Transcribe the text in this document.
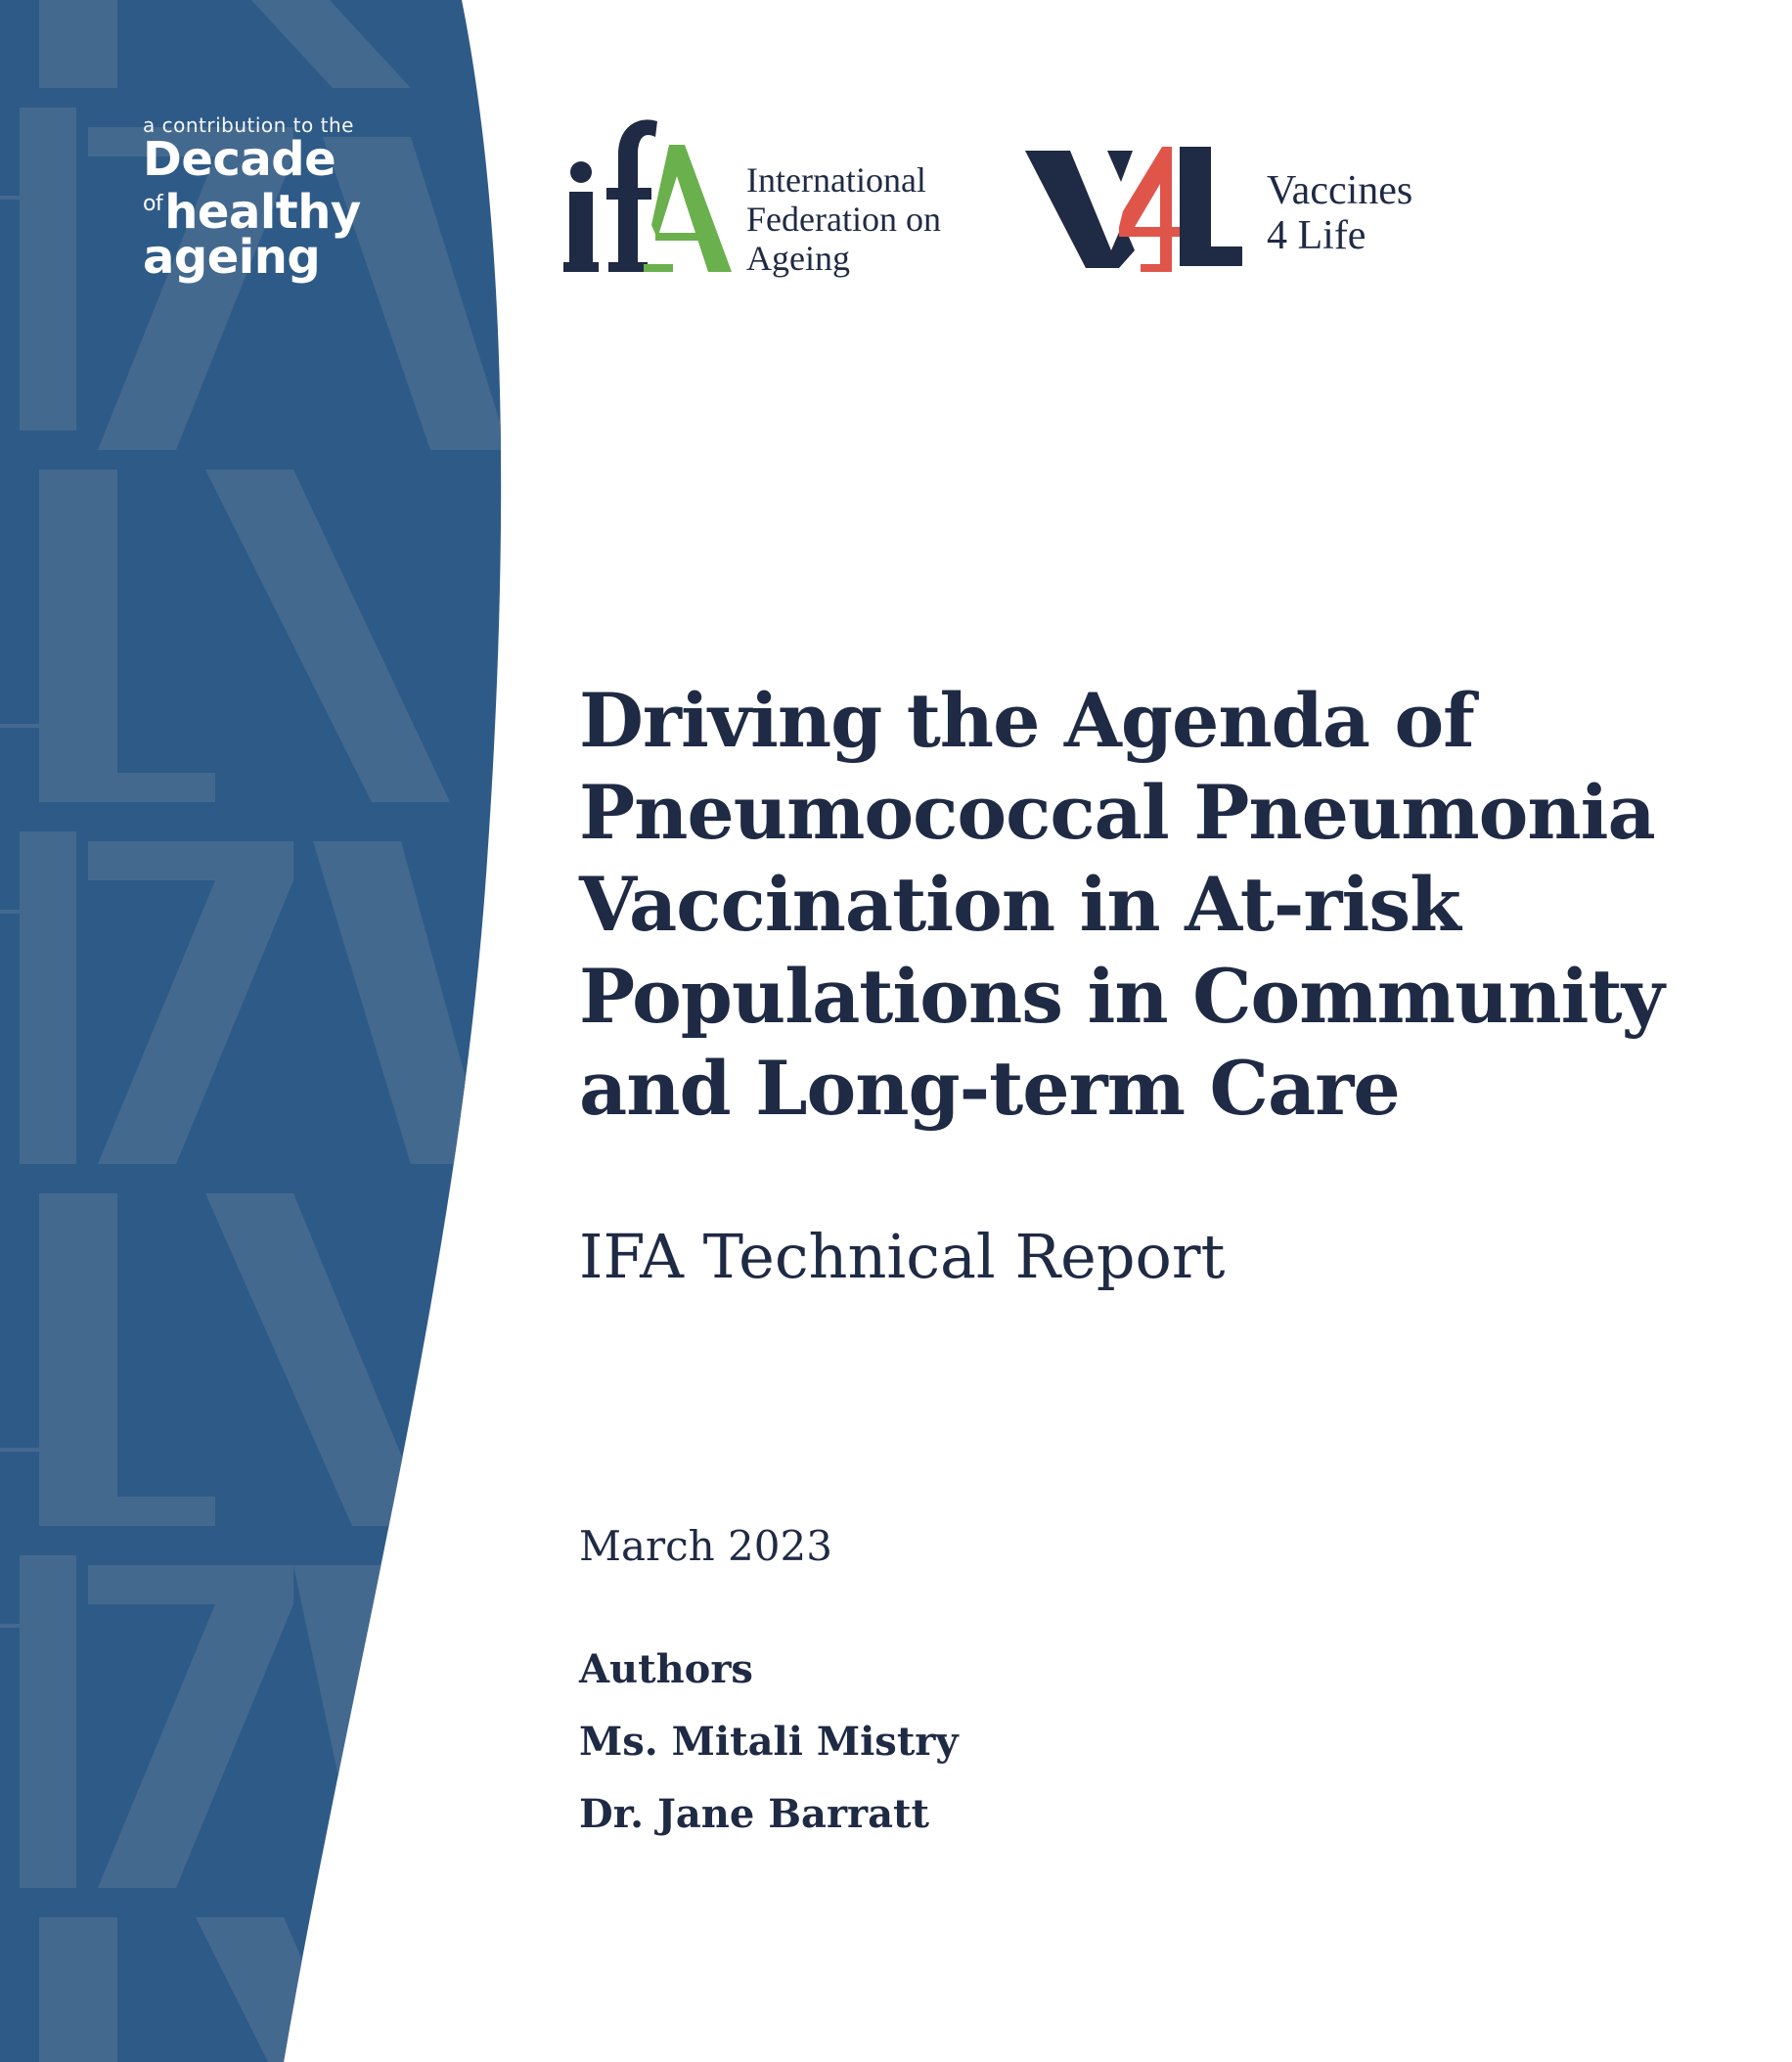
a contribution to the
Decade
$^{of}$healthy
ageing
International
Federation on
Ageing
Vaccines
4 Life
Driving the Agenda of Pneumococcal Pneumonia Vaccination in At-risk Populations in Community and Long-term Care
IFA Technical Report
March 2023
Authors
Ms. Mitali Mistry
Dr. Jane Barratt
